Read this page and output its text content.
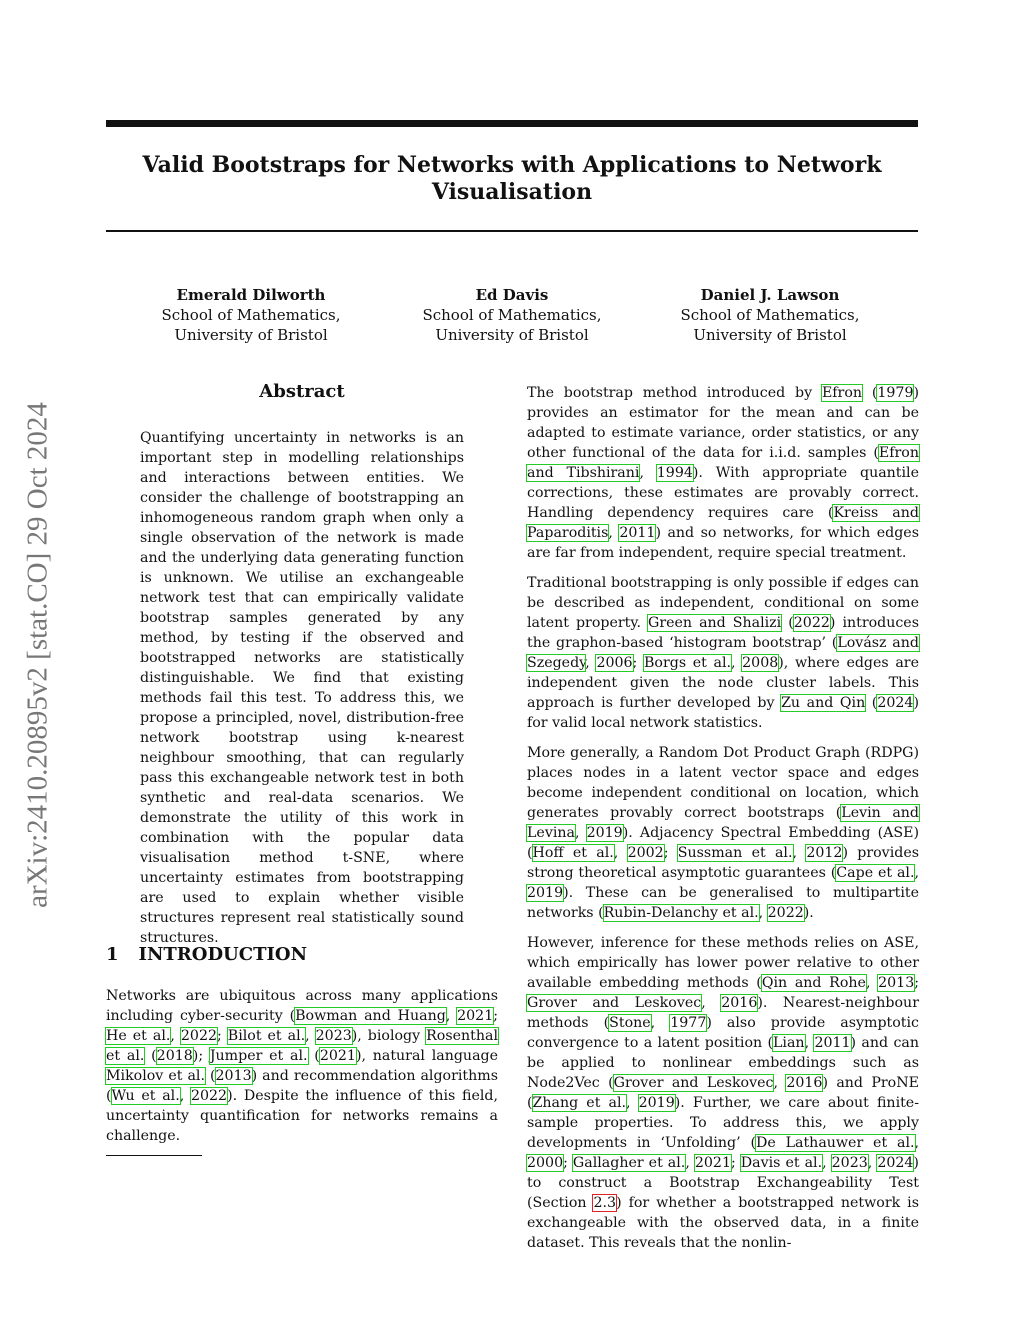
Valid Bootstraps for Networks with Applications to Network Visualisation
Emerald Dilworth
School of Mathematics,
University of Bristol
Ed Davis
School of Mathematics,
University of Bristol
Daniel J. Lawson
School of Mathematics,
University of Bristol
arXiv:2410.20895v2 [stat.CO] 29 Oct 2024
Abstract

Quantifying uncertainty in networks is an important step in modelling relationships and interactions between entities. We consider the challenge of bootstrapping an inhomogeneous random graph when only a single observation of the network is made and the underlying data generating function is unknown. We utilise an exchangeable network test that can empirically validate bootstrap samples generated by any method, by testing if the observed and bootstrapped networks are statistically distinguishable. We find that existing methods fail this test. To address this, we propose a principled, novel, distribution-free network bootstrap using k-nearest neighbour smoothing, that can regularly pass this exchangeable network test in both synthetic and real-data scenarios. We demonstrate the utility of this work in combination with the popular data visualisation method t-SNE, where uncertainty estimates from bootstrapping are used to explain whether visible structures represent real statistically sound structures.

1 INTRODUCTION

Networks are ubiquitous across many applications including cyber-security (Bowman and Huang, 2021; He et al., 2022; Bilot et al., 2023), biology Rosenthal et al. (2018); Jumper et al. (2021), natural language Mikolov et al. (2013) and recommendation algorithms (Wu et al., 2022). Despite the influence of this field, uncertainty quantification for networks remains a challenge.

The bootstrap method introduced by Efron (1979) provides an estimator for the mean and can be adapted to estimate variance, order statistics, or any other functional of the data for i.i.d. samples (Efron and Tibshirani, 1994). With appropriate quantile corrections, these estimates are provably correct. Handling dependency requires care (Kreiss and Paparoditis, 2011) and so networks, for which edges are far from independent, require special treatment.

Traditional bootstrapping is only possible if edges can be described as independent, conditional on some latent property. Green and Shalizi (2022) introduces the graphon-based ‘histogram bootstrap’ (Lovász and Szegedy, 2006; Borgs et al., 2008), where edges are independent given the node cluster labels. This approach is further developed by Zu and Qin (2024) for valid local network statistics.

More generally, a Random Dot Product Graph (RDPG) places nodes in a latent vector space and edges become independent conditional on location, which generates provably correct bootstraps (Levin and Levina, 2019). Adjacency Spectral Embedding (ASE) (Hoff et al., 2002; Sussman et al., 2012) provides strong theoretical asymptotic guarantees (Cape et al., 2019). These can be generalised to multipartite networks (Rubin-Delanchy et al., 2022).

However, inference for these methods relies on ASE, which empirically has lower power relative to other available embedding methods (Qin and Rohe, 2013; Grover and Leskovec, 2016). Nearest-neighbour methods (Stone, 1977) also provide asymptotic convergence to a latent position (Lian, 2011) and can be applied to nonlinear embeddings such as Node2Vec (Grover and Leskovec, 2016) and ProNE (Zhang et al., 2019). Further, we care about finite-sample properties. To address this, we apply developments in ‘Unfolding’ (De Lathauwer et al., 2000; Gallagher et al., 2021; Davis et al., 2023, 2024) to construct a Bootstrap Exchangeability Test (Section 2.3) for whether a bootstrapped network is exchangeable with the observed data, in a finite dataset. This reveals that the nonlin-
